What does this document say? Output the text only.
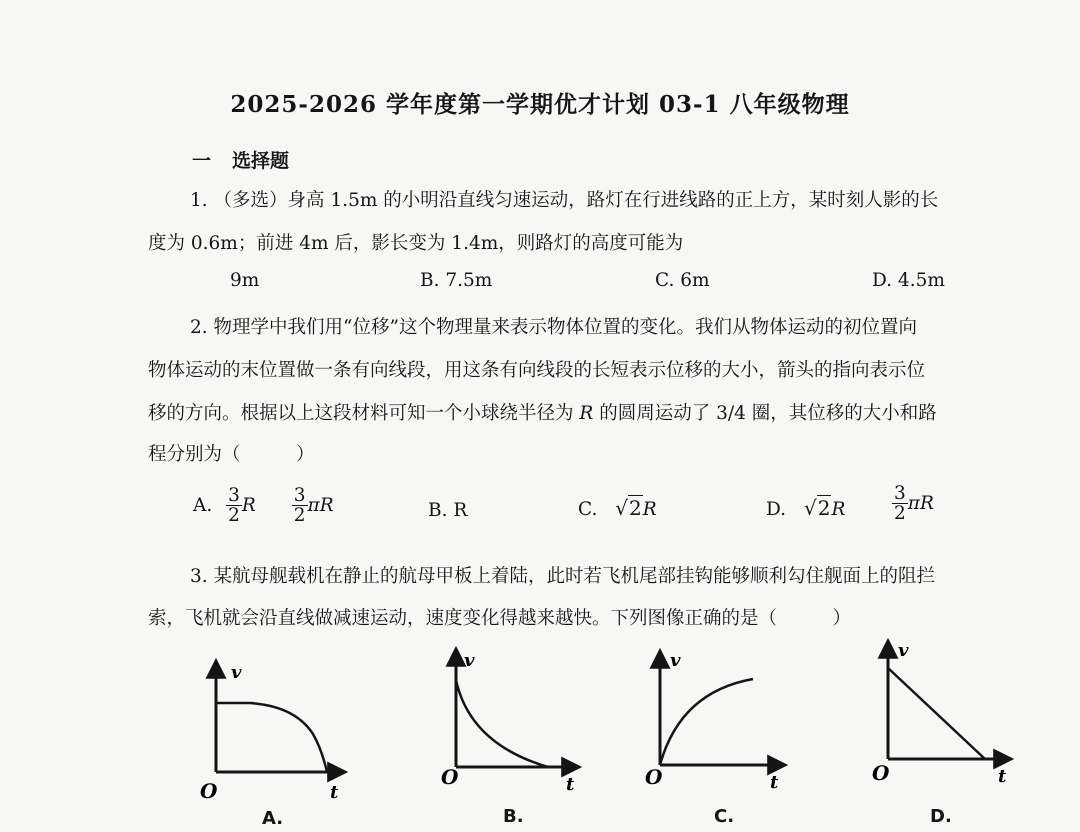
2025-2026 学年度第一学期优才计划 03-1 八年级物理
一 选择题
1. （多选）身高 1.5m 的小明沿直线匀速运动，路灯在行进线路的正上方，某时刻人影的长
度为 0.6m；前进 4m 后，影长变为 1.4m，则路灯的高度可能为
9m	B. 7.5m	C. 6m	D. 4.5m
2. 物理学中我们用“位移”这个物理量来表示物体位置的变化。我们从物体运动的初位置向
物体运动的末位置做一条有向线段，用这条有向线段的长短表示位移的大小，箭头的指向表示位
移的方向。根据以上这段材料可知一个小球绕半径为 R 的圆周运动了 3/4 圈，其位移的大小和路
程分别为（　　　）
A. $\frac{3}{2}$ R $\frac{3}{2}$ πR	B. R	C. √2R	D. √2R	$\frac{3}{2}$ πR
3. 某航母舰载机在静止的航母甲板上着陆，此时若飞机尾部挂钩能够顺利勾住舰面上的阻拦
索，飞机就会沿直线做减速运动，速度变化得越来越快。下列图像正确的是（　　　）
v
t
O
v
t
O
v
t
O
v
t
O
A.	B.	C.	D.
